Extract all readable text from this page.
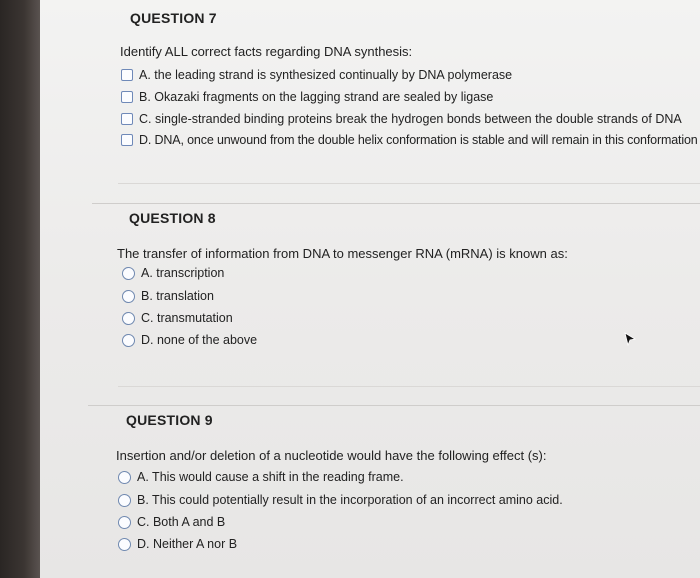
QUESTION 7
Identify ALL correct facts regarding DNA synthesis:
A. the leading strand is synthesized continually by DNA polymerase
B. Okazaki fragments on the lagging strand are sealed by ligase
C. single-stranded binding proteins break the hydrogen bonds between the double strands of DNA
D. DNA, once unwound from the double helix conformation is stable and will remain in this conformation
QUESTION 8
The transfer of information from DNA to messenger RNA (mRNA) is known as:
A. transcription
B. translation
C. transmutation
D. none of the above
QUESTION 9
Insertion and/or deletion of a nucleotide would have the following effect (s):
A. This would cause a shift in the reading frame.
B. This could potentially result in the incorporation of an incorrect amino acid.
C. Both A and B
D. Neither A nor B
